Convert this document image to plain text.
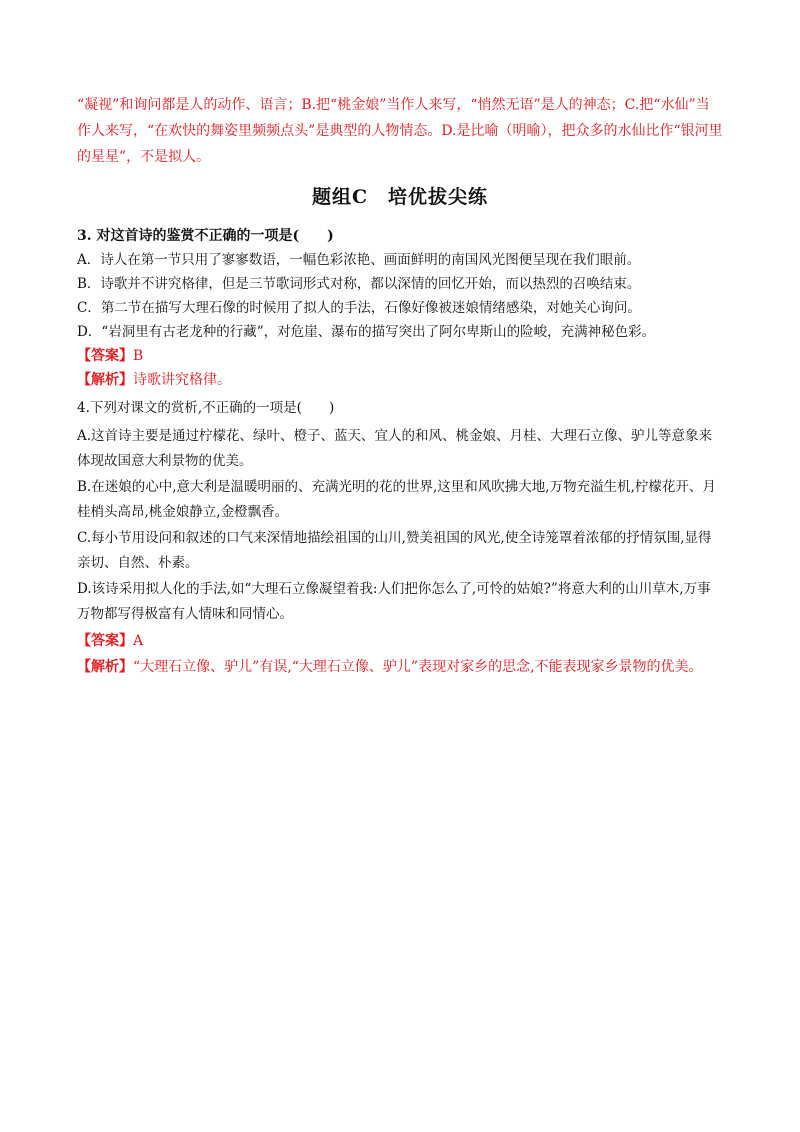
“凝视”和询问都是人的动作、语言；B.把“桃金娘”当作人来写，“悄然无语”是人的神态；C.把“水仙”当作人来写，“在欢快的舞姿里频频点头”是典型的人物情态。D.是比喻（明喻），把众多的水仙比作“银河里的星星”，不是拟人。

题组C　培优拔尖练

3. 对这首诗的鉴赏不正确的一项是(　　)

A．诗人在第一节只用了寥寥数语，一幅色彩浓艳、画面鲜明的南国风光图便呈现在我们眼前。

B．诗歌并不讲究格律，但是三节歌词形式对称，都以深情的回忆开始，而以热烈的召唤结束。

C．第二节在描写大理石像的时候用了拟人的手法，石像好像被迷娘情绪感染，对她关心询问。

D．“岩洞里有古老龙种的行藏”，对危崖、瀑布的描写突出了阿尔卑斯山的险峻，充满神秘色彩。

【答案】B

【解析】诗歌讲究格律。

4.下列对课文的赏析,不正确的一项是(　　)

A.这首诗主要是通过柠檬花、绿叶、橙子、蓝天、宜人的和风、桃金娘、月桂、大理石立像、驴儿等意象来体现故国意大利景物的优美。

B.在迷娘的心中,意大利是温暖明丽的、充满光明的花的世界,这里和风吹拂大地,万物充溢生机,柠檬花开、月桂梢头高昂,桃金娘静立,金橙飘香。

C.每小节用设问和叙述的口气来深情地描绘祖国的山川,赞美祖国的风光,使全诗笼罩着浓郁的抒情氛围,显得亲切、自然、朴素。

D.该诗采用拟人化的手法,如“大理石立像凝望着我:人们把你怎么了,可怜的姑娘?”将意大利的山川草木,万事万物都写得极富有人情味和同情心。

【答案】A

【解析】“大理石立像、驴儿”有误,“大理石立像、驴儿”表现对家乡的思念,不能表现家乡景物的优美。
